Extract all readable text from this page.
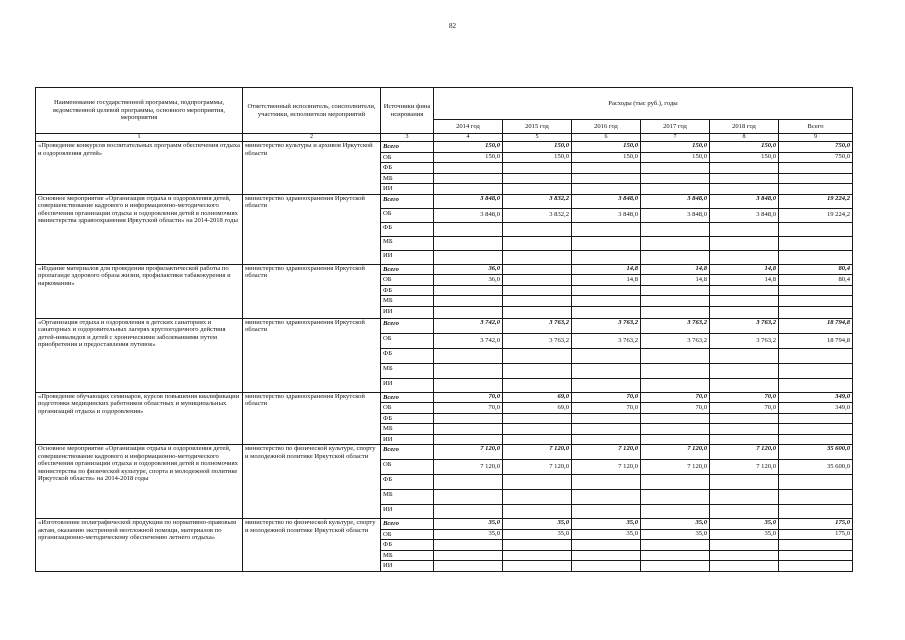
82
Наименование государственной программы, подпрограммы, ведомственной целевой программы, основного мероприятия, мероприятия	Ответственный исполнитель, соисполнители, участники, исполнители мероприятий	Источники финансирования	Расходы (тыс руб.), годы					
			2014 год	2015 год	2016 год	2017 год	2018 год	Всего
1	2	3	4	5	6	7	8	9
«Проведение конкурсов воспитательных программ обеспечения отдыха и оздоровления детей»	министерство культуры и архивов Иркутской области	Всего	150,0	150,0	150,0	150,0	150,0	750,0
		ОБ	150,0	150,0	150,0	150,0	150,0	750,0
		ФБ						
		МБ						
		ИИ						
Основное мероприятие «Организация отдыха и оздоровления детей, совершенствование кадрового и информационно-методического обеспечения организации отдыха и оздоровления детей в полномочиях министерства здравоохранения Иркутской области» на 2014-2018 годы	министерство здравоохранения Иркутской области	Всего	3 848,0	3 832,2	3 848,0	3 848,0	3 848,0	19 224,2
		ОБ	3 848,0	3 832,2	3 848,0	3 848,0	3 848,0	19 224,2
		ФБ						
		МБ						
		ИИ						
«Издание материалов для проведения профилактической работы по пропаганде здорового образа жизни, профилактики табакокурения и наркомании»	министерство здравоохранения Иркутской области	Всего	36,0		14,8	14,8	14,8	80,4
		ОБ	36,0		14,8	14,8	14,8	80,4
		ФБ						
		МБ						
		ИИ						
«Организация отдыха и оздоровления в детских санаториях и санаторных и оздоровительных лагерях круглогодичного действия детей-инвалидов и детей с хроническими заболеваниями путем приобретения и предоставления путевок»	министерство здравоохранения Иркутской области	Всего	3 742,0	3 763,2	3 763,2	3 763,2	3 763,2	18 794,8
		ОБ	3 742,0	3 763,2	3 763,2	3 763,2	3 763,2	18 794,8
		ФБ						
		МБ						
		ИИ						
«Проведение обучающих семинаров, курсов повышения квалификации подготовки медицинских работников областных и муниципальных организаций отдыха и оздоровления»	министерство здравоохранения Иркутской области	Всего	70,0	69,0	70,0	70,0	70,0	349,0
		ОБ	70,0	69,0	70,0	70,0	70,0	349,0
		ФБ						
		МБ						
		ИИ						
Основное мероприятие «Организация отдыха и оздоровления детей, совершенствование кадрового и информационно-методического обеспечения организации отдыха и оздоровления детей в полномочиях министерства по физической культуре, спорта и молодежной политике Иркутской области» на 2014-2018 годы	министерство по физической культуре, спорту и молодежной политике Иркутской области	Всего	7 120,0	7 120,0	7 120,0	7 120,0	7 120,0	35 600,0
		ОБ	7 120,0	7 120,0	7 120,0	7 120,0	7 120,0	35 600,0
		ФБ						
		МБ						
		ИИ						
«Изготовление полиграфической продукции по нормативно-правовым актам, оказанию экстренной неотложной помощи, материалов по организационно-методическому обеспечению летнего отдыха»	министерство по физической культуре, спорту и молодежной политике Иркутской области	Всего	35,0	35,0	35,0	35,0	35,0	175,0
		ОБ	35,0	35,0	35,0	35,0	35,0	175,0
		ФБ						
		МБ						
		ИИ						
